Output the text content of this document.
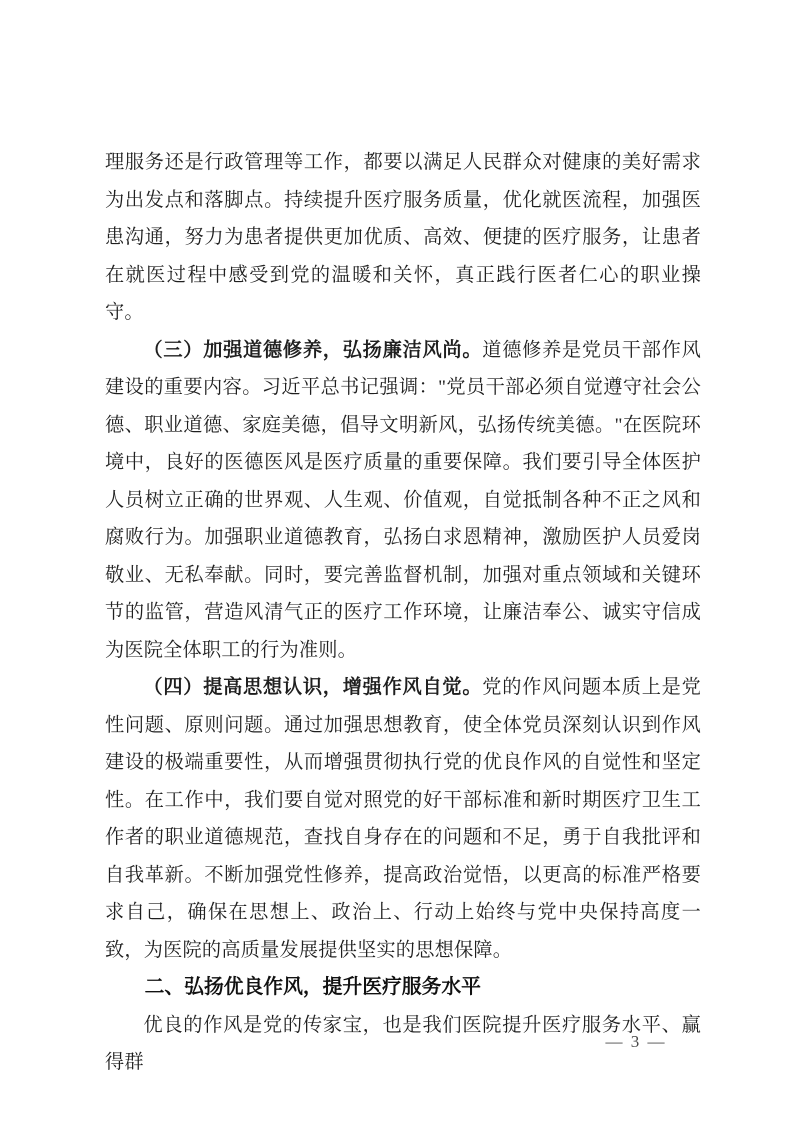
理服务还是行政管理等工作，都要以满足人民群众对健康的美好需求为出发点和落脚点。持续提升医疗服务质量，优化就医流程，加强医患沟通，努力为患者提供更加优质、高效、便捷的医疗服务，让患者在就医过程中感受到党的温暖和关怀，真正践行医者仁心的职业操守。

（三）加强道德修养，弘扬廉洁风尚。道德修养是党员干部作风建设的重要内容。习近平总书记强调："党员干部必须自觉遵守社会公德、职业道德、家庭美德，倡导文明新风，弘扬传统美德。"在医院环境中，良好的医德医风是医疗质量的重要保障。我们要引导全体医护人员树立正确的世界观、人生观、价值观，自觉抵制各种不正之风和腐败行为。加强职业道德教育，弘扬白求恩精神，激励医护人员爱岗敬业、无私奉献。同时，要完善监督机制，加强对重点领域和关键环节的监管，营造风清气正的医疗工作环境，让廉洁奉公、诚实守信成为医院全体职工的行为准则。

（四）提高思想认识，增强作风自觉。党的作风问题本质上是党性问题、原则问题。通过加强思想教育，使全体党员深刻认识到作风建设的极端重要性，从而增强贯彻执行党的优良作风的自觉性和坚定性。在工作中，我们要自觉对照党的好干部标准和新时期医疗卫生工作者的职业道德规范，查找自身存在的问题和不足，勇于自我批评和自我革新。不断加强党性修养，提高政治觉悟，以更高的标准严格要求自己，确保在思想上、政治上、行动上始终与党中央保持高度一致，为医院的高质量发展提供坚实的思想保障。

二、弘扬优良作风，提升医疗服务水平

优良的作风是党的传家宝，也是我们医院提升医疗服务水平、赢得群

— 3 —
